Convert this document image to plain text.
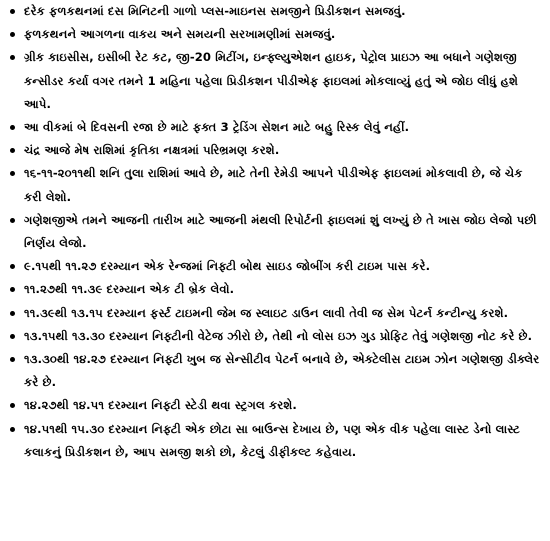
દરેક ફળકથનમાં દસ મિનિટની ગાળો પ્લસ-માઇનસ સમજીને પ્રિડીકશન સમજવું.
ફળકથનને આગળના વાકય અને સમયની સરખામણીમાં સમજવું.
ગ્રીક કાઇસીસ, ઇસીબી રેટ કટ, જી-20 મિટીંગ, ઇન્ફ્લ્યુએશન હાઇક, પેટ્રોલ પ્રાઇઝ આ બધાને ગણેશજી કન્સીડર કર્યા વગર તમને 1 મહિના પહેલા પ્રિડીકશન પીડીએફ ફાઇલમાં મોકલાવ્યું હતું એ જોઇ લીધું હશે આપે.
આ વીકમાં બે દિવસની રજા છે માટે ફક્ત 3 ટ્રેડિંગ સેશન માટે બહુ રિસ્ક લેવું નહીં.
ચંદ્ર આજે મેષ રાશિમાં કૃતિકા નક્ષત્રમાં પરિભ્રમણ કરશે.
૧૬-૧૧-૨૦૧૧થી શનિ તુલા રાશિમાં આવે છે, માટે તેની રેમેડી આપને પીડીએફ ફાઇલમાં મોકલાવી છે, જે ચેક કરી લેશો.
ગણેશજીએ તમને આજની તારીખ માટે આજની મંથલી રિપોર્ટની ફાઇલમાં શું લખ્યું છે તે ખાસ જોઇ લેજો પછી નિર્ણય લેજો.
૯.૧૫થી ૧૧.૨૭ દરમ્યાન એક રેન્જમાં નિફ્ટી બોથ સાઇડ જોબીંગ કરી ટાઇમ પાસ કરે.
૧૧.૨૭થી ૧૧.૩૯ દરમ્યાન એક ટી બ્રેક લેવો.
૧૧.૩૯થી ૧૩.૧૫ દરમ્યાન ફર્સ્ટ ટાઇમની જેમ જ સ્લાઇટ ડાઉન લાવી તેવી જ સેમ પેટર્ન કન્ટીન્યુ કરશે.
૧૩.૧૫થી ૧૩.૩૦ દરમ્યાન નિફ્ટીની વેટેજ ઝીરો છે, તેથી નો લોસ ઇઝ ગુડ પ્રોફિટ તેવું ગણેશજી નોટ કરે છે.
૧૩.૩૦થી ૧૪.૨૭ દરમ્યાન નિફ્ટી ખુબ જ સેન્સીટીવ પેટર્ન બનાવે છે, એક્ટેલીસ ટાઇમ ઝોન ગણેશજી ડીક્લેર કરે છે.
૧૪.૨૭થી ૧૪.૫૧ દરમ્યાન નિફ્ટી સ્ટેડી થવા સ્ટ્રગલ કરશે.
૧૪.૫૧થી ૧૫.૩૦ દરમ્યાન નિફ્ટી એક છોટા સા બાઉન્સ દેખાય છે, પણ એક વીક પહેલા લાસ્ટ ડેનો લાસ્ટ કલાકનું પ્રિડીકશન છે, આપ સમજી શકો છો, કેટલું ડીફીકલ્ટ કહેવાય.
